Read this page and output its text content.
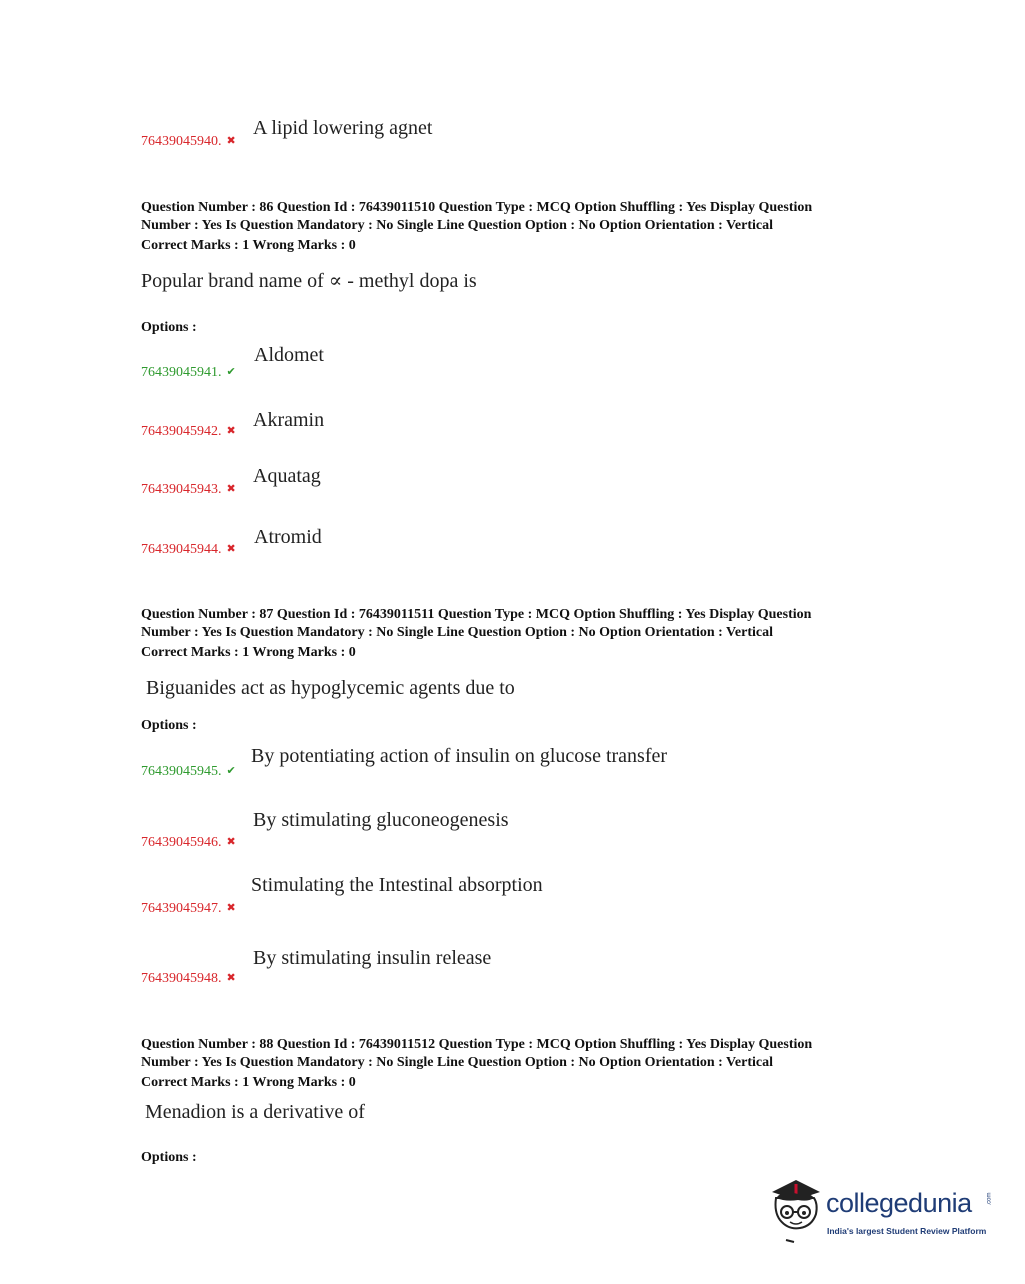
76439045940. ✖
A lipid lowering agnet

Question Number : 86 Question Id : 76439011510 Question Type : MCQ Option Shuffling : Yes Display Question

Number : Yes Is Question Mandatory : No Single Line Question Option : No Option Orientation : Vertical

Correct Marks : 1 Wrong Marks : 0

Popular brand name of ∝ - methyl dopa is
Options :
76439045941. ✔
Aldomet
76439045942. ✖ Akramin
76439045943. ✖
Aquatag
76439045944. ✖
Atromid

Question Number : 87 Question Id : 76439011511 Question Type : MCQ Option Shuffling : Yes Display Question

Number : Yes Is Question Mandatory : No Single Line Question Option : No Option Orientation : Vertical

Correct Marks : 1 Wrong Marks : 0

Biguanides act as hypoglycemic agents due to
Options :
76439045945. ✔
By potentiating action of insulin on glucose transfer
76439045946. ✖
By stimulating gluconeogenesis
76439045947. ✖
Stimulating the Intestinal absorption
76439045948. ✖
By stimulating insulin release

Question Number : 88 Question Id : 76439011512 Question Type : MCQ Option Shuffling : Yes Display Question

Number : Yes Is Question Mandatory : No Single Line Question Option : No Option Orientation : Vertical

Correct Marks : 1 Wrong Marks : 0

Menadion is a derivative of
Options :
collegedunia .com
India's largest Student Review Platform
